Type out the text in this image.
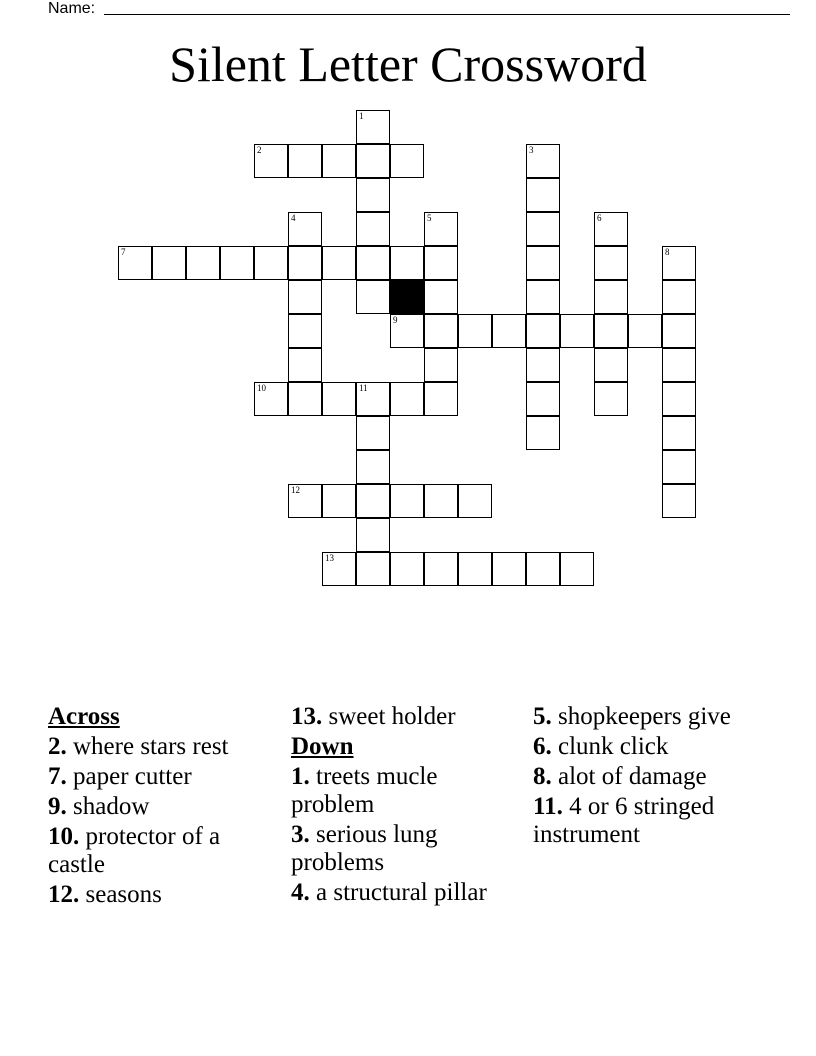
Name:
Silent Letter Crossword
1
2
4	5
7
9
10	11
12
13
3
6
8
Across
2. where stars rest
7. paper cutter
9. shadow
10. protector of a castle
12. seasons
13. sweet holder
Down
1. treets mucle problem
3. serious lung problems
4. a structural pillar
5. shopkeepers give
6. clunk click
8. alot of damage
11. 4 or 6 stringed instrument
